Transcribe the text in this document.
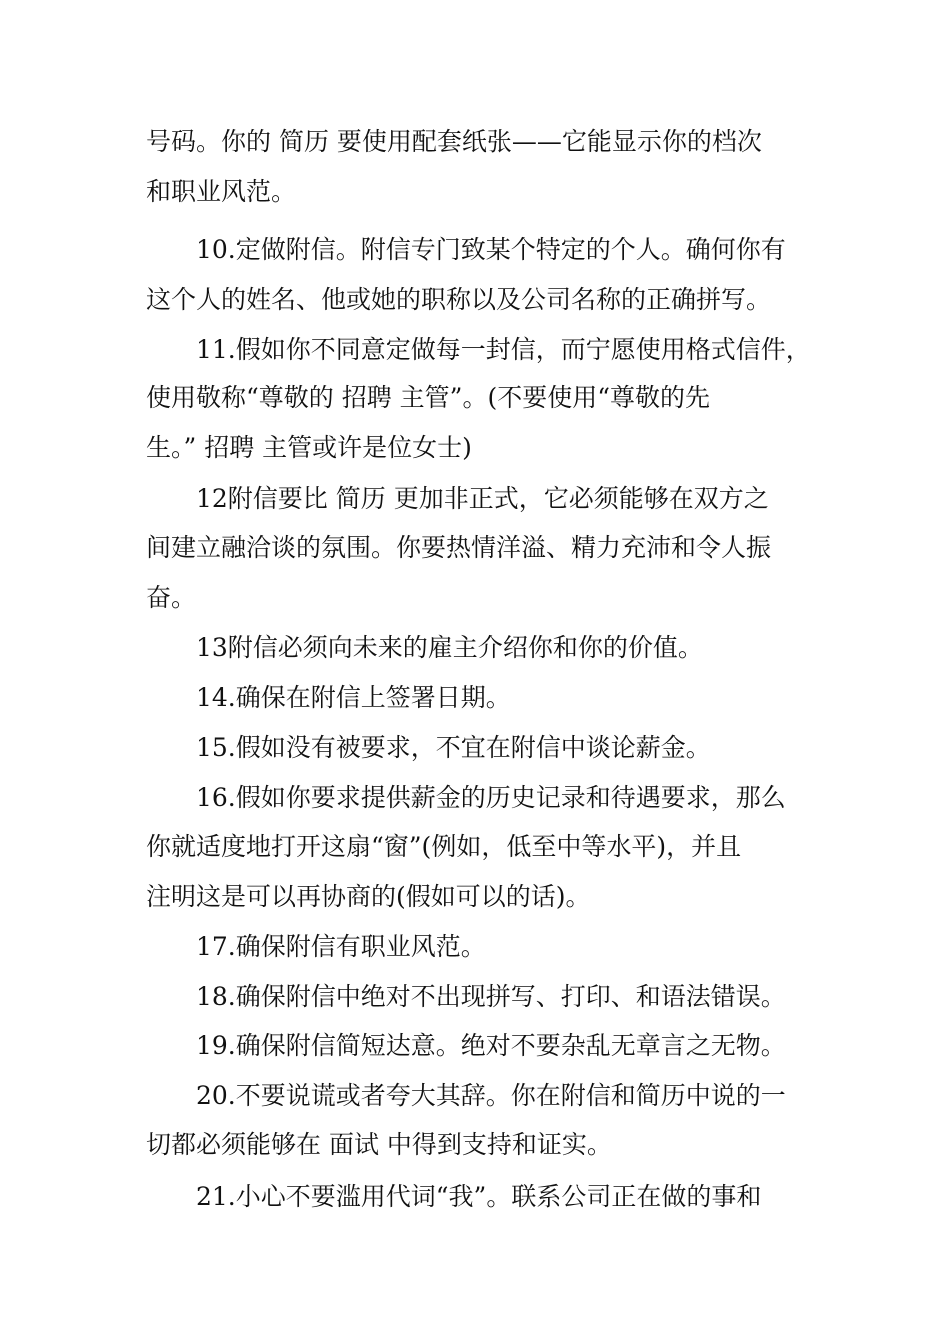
号码。你的 简历 要使用配套纸张——它能显示你的档次
和职业风范。
10.定做附信。附信专门致某个特定的个人。确何你有
这个人的姓名、他或她的职称以及公司名称的正确拼写。
11.假如你不同意定做每一封信，而宁愿使用格式信件，
使用敬称“尊敬的 招聘 主管”。(不要使用“尊敬的先
生。” 招聘 主管或许是位女士)
12附信要比 简历 更加非正式，它必须能够在双方之
间建立融洽谈的氛围。你要热情洋溢、精力充沛和令人振
奋。
13附信必须向未来的雇主介绍你和你的价值。
14.确保在附信上签署日期。
15.假如没有被要求，不宜在附信中谈论薪金。
16.假如你要求提供薪金的历史记录和待遇要求，那么
你就适度地打开这扇“窗”(例如，低至中等水平)，并且
注明这是可以再协商的(假如可以的话)。
17.确保附信有职业风范。
18.确保附信中绝对不出现拼写、打印、和语法错误。
19.确保附信简短达意。绝对不要杂乱无章言之无物。
20.不要说谎或者夸大其辞。你在附信和简历中说的一
切都必须能够在 面试 中得到支持和证实。
21.小心不要滥用代词“我”。联系公司正在做的事和
